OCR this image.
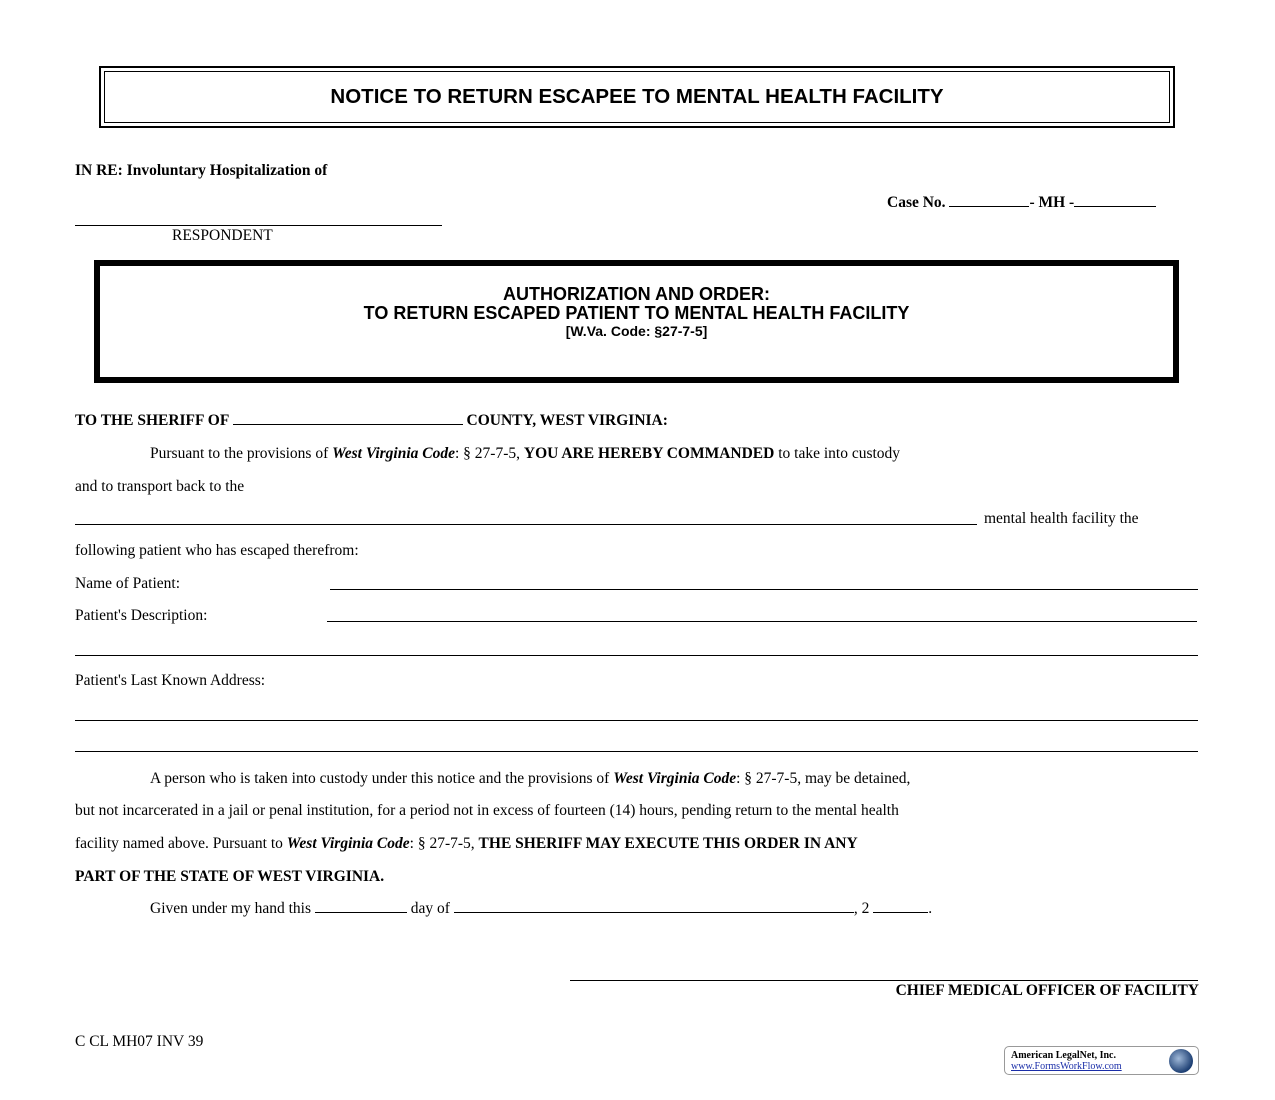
NOTICE TO RETURN ESCAPEE TO MENTAL HEALTH FACILITY
IN RE: Involuntary Hospitalization of
Case No.	- MH -
RESPONDENT
AUTHORIZATION AND ORDER:
TO RETURN ESCAPED PATIENT TO MENTAL HEALTH FACILITY
[W.Va. Code: §27-7-5]
TO THE SHERIFF OF	COUNTY, WEST VIRGINIA:
Pursuant to the provisions of West Virginia Code: § 27-7-5, YOU ARE HEREBY COMMANDED to take into custody
and to transport back to the
mental health facility the
following patient who has escaped therefrom:
Name of Patient:
Patient's Description:
Patient's Last Known Address:
A person who is taken into custody under this notice and the provisions of West Virginia Code: § 27-7-5, may be detained,
but not incarcerated in a jail or penal institution, for a period not in excess of fourteen (14) hours, pending return to the mental health
facility named above. Pursuant to West Virginia Code: § 27-7-5, THE SHERIFF MAY EXECUTE THIS ORDER IN ANY
PART OF THE STATE OF WEST VIRGINIA.
Given under my hand this	day of	, 2	.
CHIEF MEDICAL OFFICER OF FACILITY
C CL MH07 INV 39
American LegalNet, Inc.
www.FormsWorkFlow.com
